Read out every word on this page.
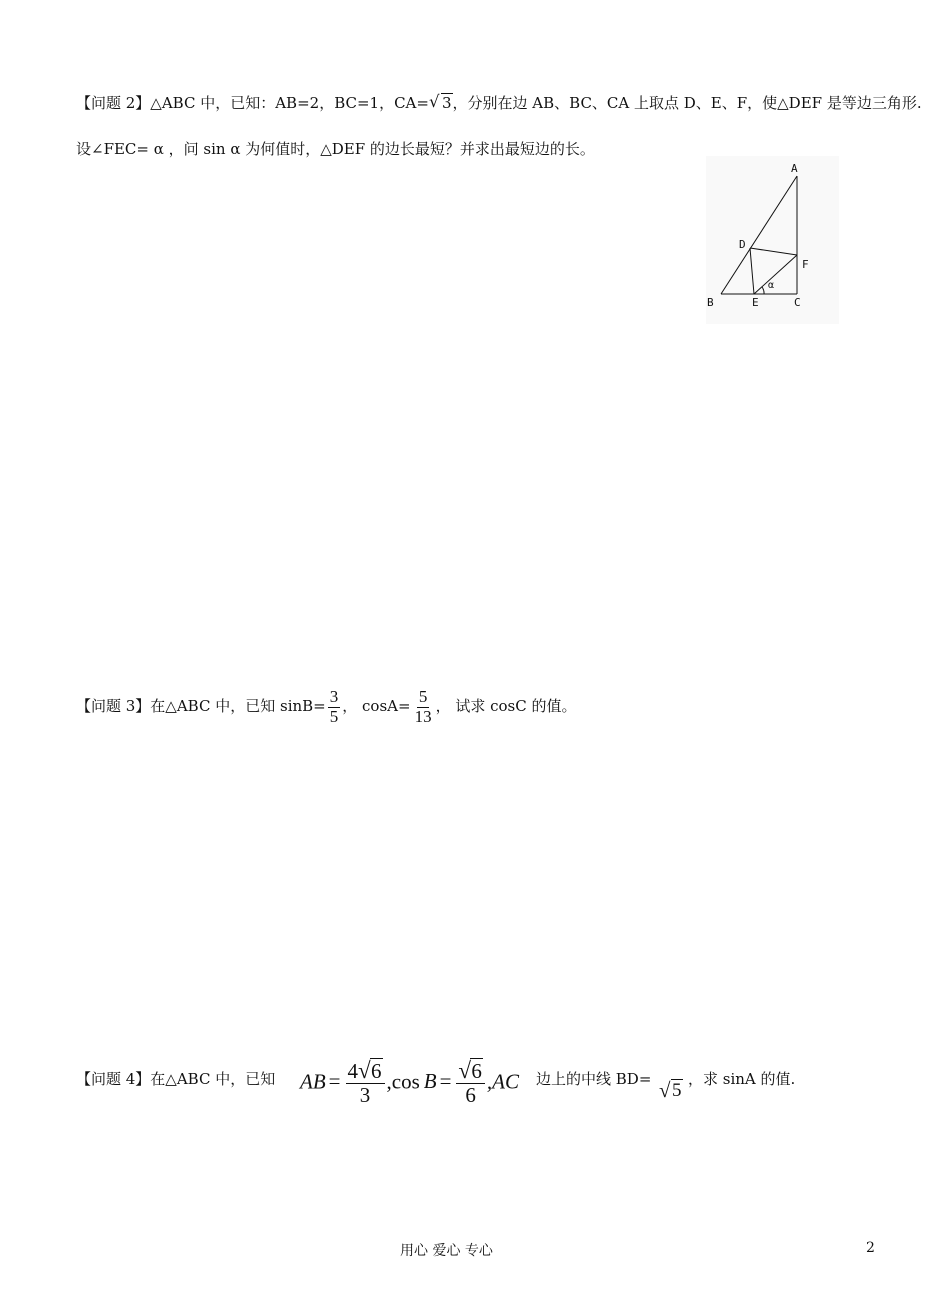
【问题 2】△ABC 中，已知：AB=2，BC=1，CA= √ 3，分别在边 AB、BC、CA 上取点 D、E、F，使△DEF 是等边三角形.
设∠FEC= α ，问 sin α 为何值时，△DEF 的边长最短？并求出最短边的长。
A
B	C
D
E
F
α
【问题 3】在△ABC 中，已知 $\sin B= \frac{3}{5}$ ， $\cos A= \frac{5}{13}$ ， 试求 cosC 的值。
【问题 4】在△ABC 中，已知 AB = $\frac{4 √ 6}{3} ,\cos$ $B = \frac{√ 6}{6} ,AC$ 边上的中线 BD= √ 5
，求 sinA 的值.
用心 爱心 专心	2
